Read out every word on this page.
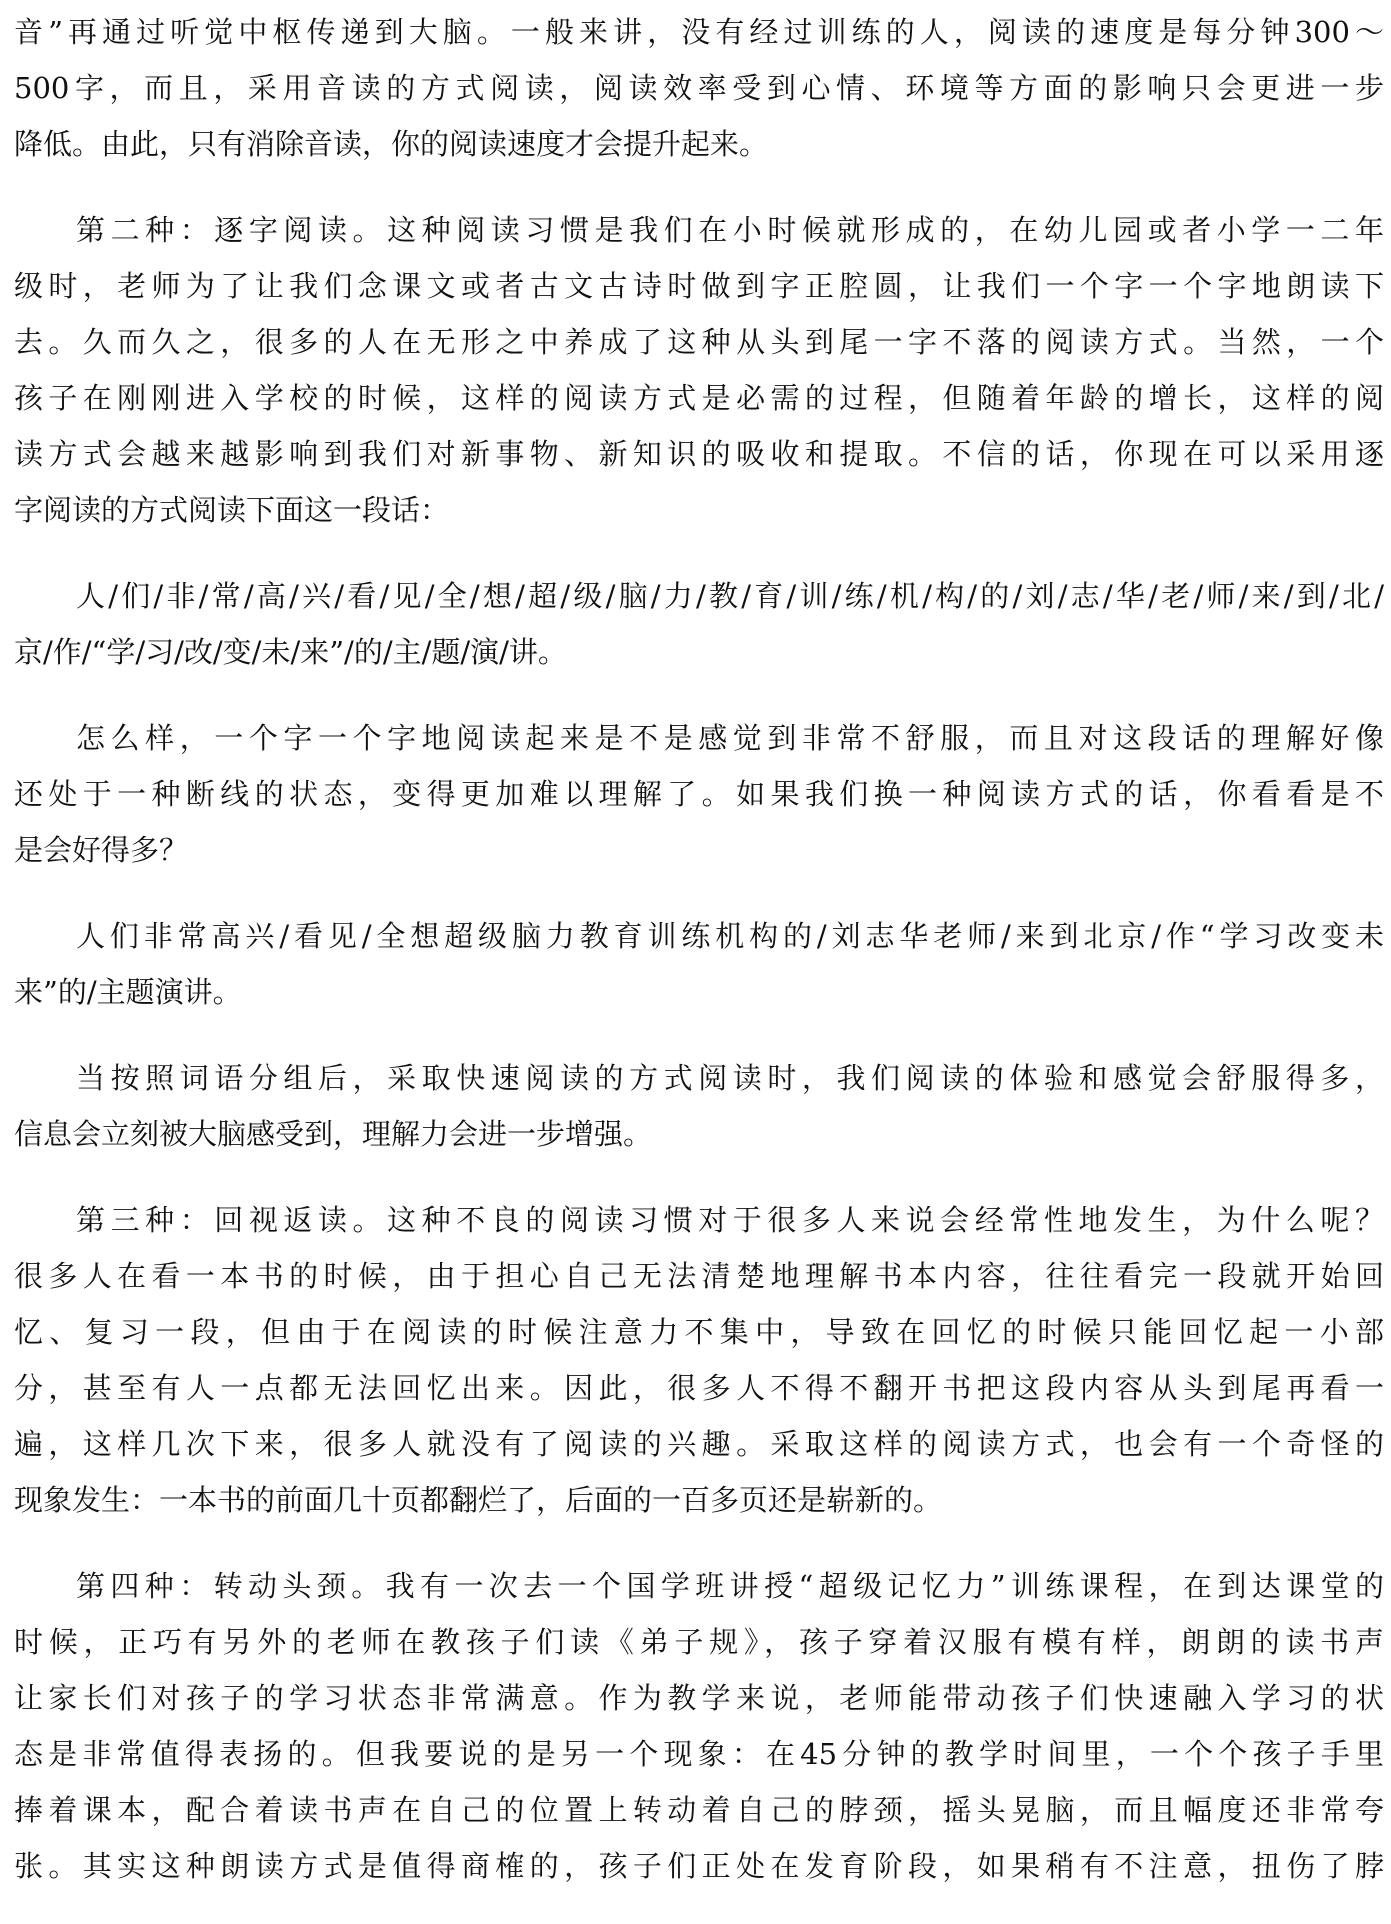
音”再通过听觉中枢传递到大脑。一般来讲，没有经过训练的人，阅读的速度是每分钟300～
500字，而且，采用音读的方式阅读，阅读效率受到心情、环境等方面的影响只会更进一步
降低。由此，只有消除音读，你的阅读速度才会提升起来。
第二种：逐字阅读。这种阅读习惯是我们在小时候就形成的，在幼儿园或者小学一二年
级时，老师为了让我们念课文或者古文古诗时做到字正腔圆，让我们一个字一个字地朗读下
去。久而久之，很多的人在无形之中养成了这种从头到尾一字不落的阅读方式。当然，一个
孩子在刚刚进入学校的时候，这样的阅读方式是必需的过程，但随着年龄的增长，这样的阅
读方式会越来越影响到我们对新事物、新知识的吸收和提取。不信的话，你现在可以采用逐
字阅读的方式阅读下面这一段话：
人/们/非/常/高/兴/看/见/全/想/超/级/脑/力/教/育/训/练/机/构/的/刘/志/华/老/师/来/到/北/
京/作/“学/习/改/变/未/来”/的/主/题/演/讲。
怎么样，一个字一个字地阅读起来是不是感觉到非常不舒服，而且对这段话的理解好像
还处于一种断线的状态，变得更加难以理解了。如果我们换一种阅读方式的话，你看看是不
是会好得多？
人们非常高兴/看见/全想超级脑力教育训练机构的/刘志华老师/来到北京/作“学习改变未
来”的/主题演讲。
当按照词语分组后，采取快速阅读的方式阅读时，我们阅读的体验和感觉会舒服得多，
信息会立刻被大脑感受到，理解力会进一步增强。
第三种：回视返读。这种不良的阅读习惯对于很多人来说会经常性地发生，为什么呢？
很多人在看一本书的时候，由于担心自己无法清楚地理解书本内容，往往看完一段就开始回
忆、复习一段，但由于在阅读的时候注意力不集中，导致在回忆的时候只能回忆起一小部
分，甚至有人一点都无法回忆出来。因此，很多人不得不翻开书把这段内容从头到尾再看一
遍，这样几次下来，很多人就没有了阅读的兴趣。采取这样的阅读方式，也会有一个奇怪的
现象发生：一本书的前面几十页都翻烂了，后面的一百多页还是崭新的。
第四种：转动头颈。我有一次去一个国学班讲授“超级记忆力”训练课程，在到达课堂的
时候，正巧有另外的老师在教孩子们读《弟子规》，孩子穿着汉服有模有样，朗朗的读书声
让家长们对孩子的学习状态非常满意。作为教学来说，老师能带动孩子们快速融入学习的状
态是非常值得表扬的。但我要说的是另一个现象：在45分钟的教学时间里，一个个孩子手里
捧着课本，配合着读书声在自己的位置上转动着自己的脖颈，摇头晃脑，而且幅度还非常夸
张。其实这种朗读方式是值得商榷的，孩子们正处在发育阶段，如果稍有不注意，扭伤了脖
